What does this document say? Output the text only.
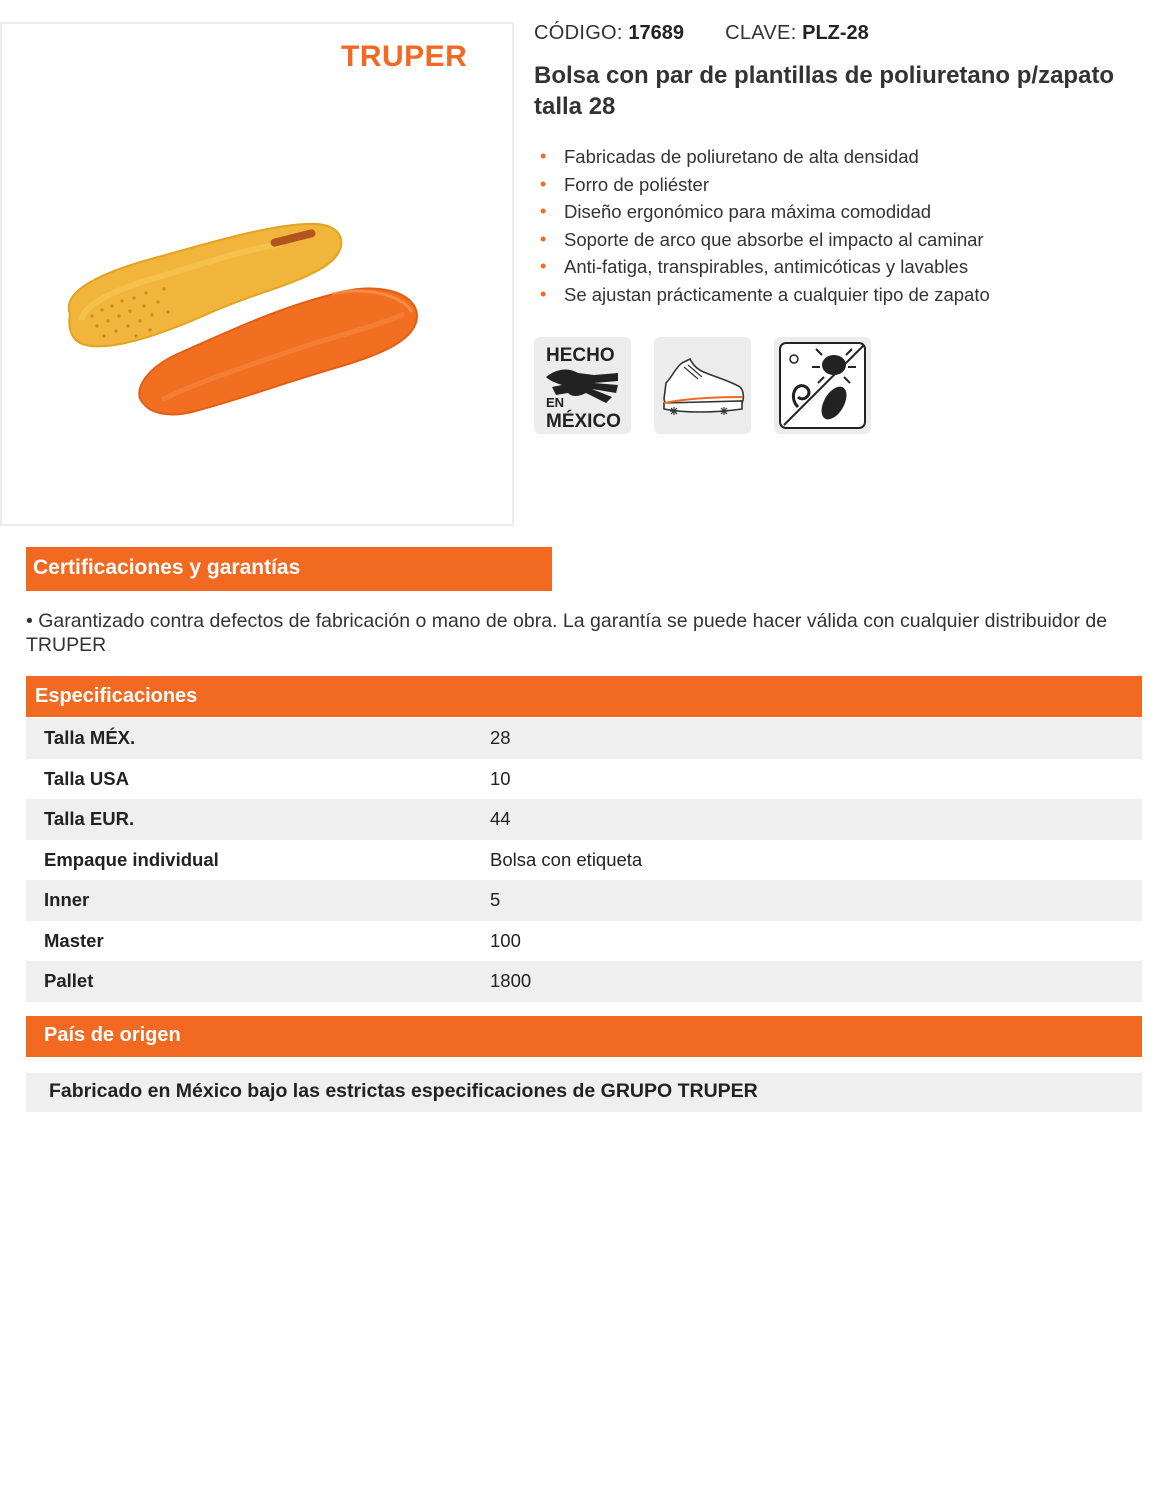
TRUPER
CÓDIGO: 17689 CLAVE: PLZ-28
Bolsa con par de plantillas de poliuretano p/zapato talla 28
• Fabricadas de poliuretano de alta densidad
• Forro de poliéster
• Diseño ergonómico para máxima comodidad
• Soporte de arco que absorbe el impacto al caminar
• Anti-fatiga, transpirables, antimicóticas y lavables
• Se ajustan prácticamente a cualquier tipo de zapato
HECHO
EN
MÉXICO
Certificaciones y garantías
• Garantizado contra defectos de fabricación o mano de obra. La garantía se puede hacer válida con cualquier distribuidor de TRUPER
Especificaciones
Talla MÉX.	28
Talla USA	10
Talla EUR.	44
Empaque individual	Bolsa con etiqueta
Inner	5
Master	100
Pallet	1800
País de origen
Fabricado en México bajo las estrictas especificaciones de GRUPO TRUPER
